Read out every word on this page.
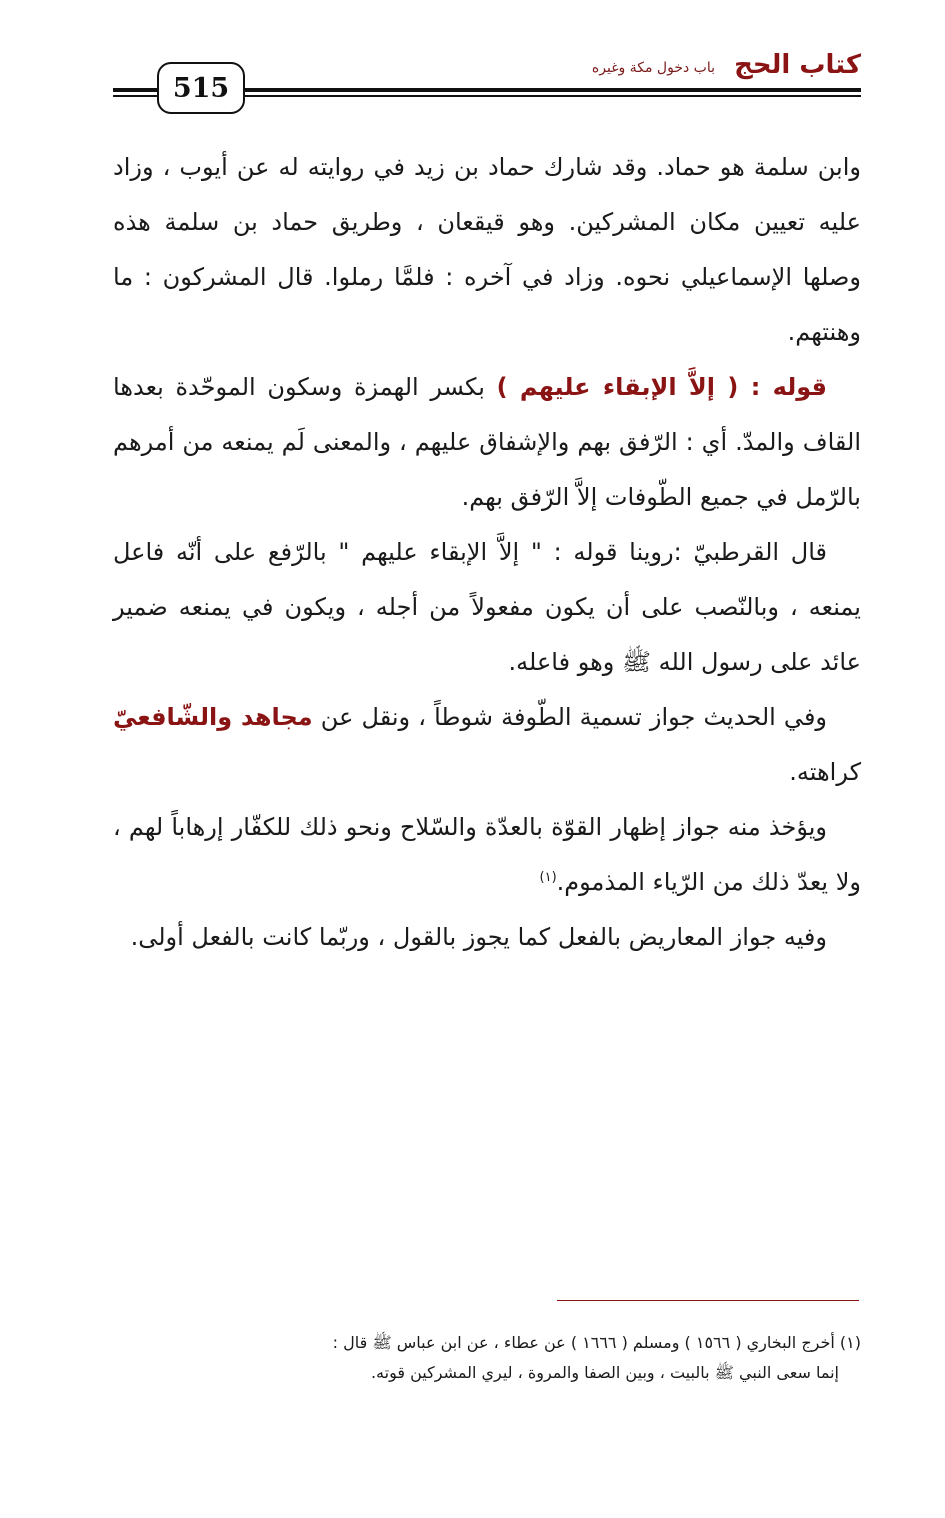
كتاب الحج
باب دخول مكة وغيره
515

وابن سلمة هو حماد. وقد شارك حماد بن زيد في روايته له عن أيوب ، وزاد عليه تعيين مكان المشركين. وهو قيقعان ، وطريق حماد بن سلمة هذه وصلها الإسماعيلي نحوه. وزاد في آخره : فلمَّا رملوا. قال المشركون : ما وهنتهم.

قوله : ( إلاَّ الإبقاء عليهم ) بكسر الهمزة وسكون الموحّدة بعدها القاف والمدّ. أي : الرّفق بهم والإشفاق عليهم ، والمعنى لَم يمنعه من أمرهم بالرّمل في جميع الطّوفات إلاَّ الرّفق بهم.

قال القرطبيّ :روينا قوله : " إلاَّ الإبقاء عليهم " بالرّفع على أنّه فاعل يمنعه ، وبالنّصب على أن يكون مفعولاً من أجله ، ويكون في يمنعه ضمير عائد على رسول الله ﷺ وهو فاعله.

وفي الحديث جواز تسمية الطّوفة شوطاً ، ونقل عن مجاهد والشّافعيّ كراهته.

ويؤخذ منه جواز إظهار القوّة بالعدّة والسّلاح ونحو ذلك للكفّار إرهاباً لهم ، ولا يعدّ ذلك من الرّياء المذموم.$^{(١)}$

وفيه جواز المعاريض بالفعل كما يجوز بالقول ، وربّما كانت بالفعل أولى.

(١) أخرج البخاري ( ١٥٦٦ ) ومسلم ( ١٦٦٦ ) عن عطاء ، عن ابن عباس ﷺ قال :

إنما سعى النبي ﷺ بالبيت ، وبين الصفا والمروة ، ليري المشركين قوته.
